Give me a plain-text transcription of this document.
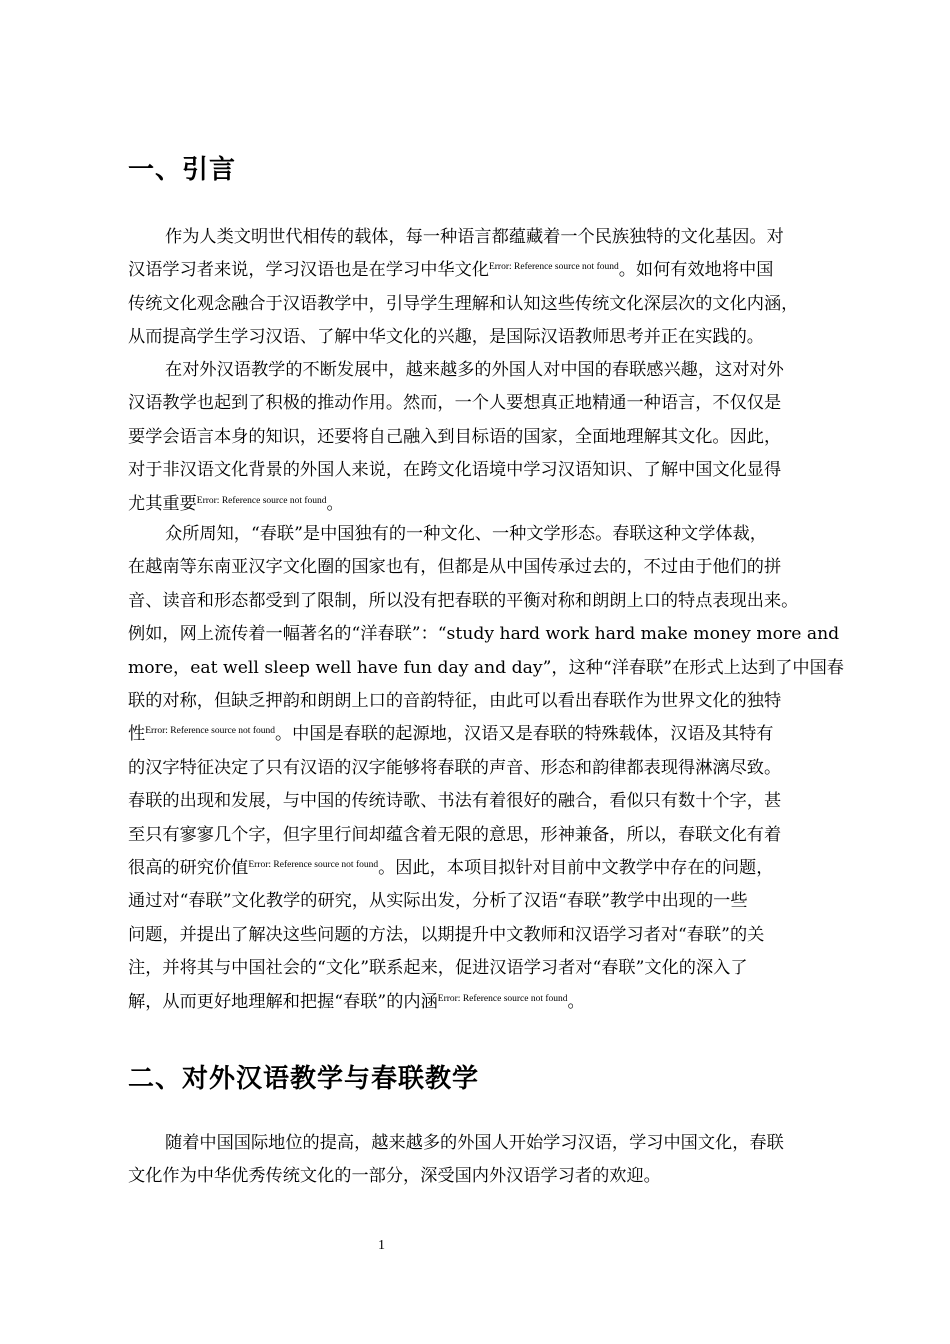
一、引言

作为人类文明世代相传的载体，每一种语言都蕴藏着一个民族独特的文化基因。对
汉语学习者来说，学习汉语也是在学习中华文化$^{Error: Reference source not found}$。如何有效地将中国
传统文化观念融合于汉语教学中，引导学生理解和认知这些传统文化深层次的文化内涵，
从而提高学生学习汉语、了解中华文化的兴趣，是国际汉语教师思考并正在实践的。

在对外汉语教学的不断发展中，越来越多的外国人对中国的春联感兴趣，这对对外
汉语教学也起到了积极的推动作用。然而，一个人要想真正地精通一种语言，不仅仅是
要学会语言本身的知识，还要将自己融入到目标语的国家，全面地理解其文化。因此，
对于非汉语文化背景的外国人来说，在跨文化语境中学习汉语知识、了解中国文化显得
尤其重要$^{Error: Reference source not found}$。

众所周知，“春联”是中国独有的一种文化、一种文学形态。春联这种文学体裁，
在越南等东南亚汉字文化圈的国家也有，但都是从中国传承过去的，不过由于他们的拼
音、读音和形态都受到了限制，所以没有把春联的平衡对称和朗朗上口的特点表现出来。
例如，网上流传着一幅著名的“洋春联”：“study hard work hard make money more and
more，eat well sleep well have fun day and day”，这种“洋春联”在形式上达到了中国春
联的对称，但缺乏押韵和朗朗上口的音韵特征，由此可以看出春联作为世界文化的独特
性$^{Error: Reference source not found}$。中国是春联的起源地，汉语又是春联的特殊载体，汉语及其特有
的汉字特征决定了只有汉语的汉字能够将春联的声音、形态和韵律都表现得淋漓尽致。
春联的出现和发展，与中国的传统诗歌、书法有着很好的融合，看似只有数十个字，甚
至只有寥寥几个字，但字里行间却蕴含着无限的意思，形神兼备，所以，春联文化有着
很高的研究价值$^{Error: Reference source not found}$。因此，本项目拟针对目前中文教学中存在的问题，
通过对“春联”文化教学的研究，从实际出发，分析了汉语“春联”教学中出现的一些
问题，并提出了解决这些问题的方法，以期提升中文教师和汉语学习者对“春联”的关
注，并将其与中国社会的“文化”联系起来，促进汉语学习者对“春联”文化的深入了
解，从而更好地理解和把握“春联”的内涵$^{Error: Reference source not found}$。

二、对外汉语教学与春联教学

随着中国国际地位的提高，越来越多的外国人开始学习汉语，学习中国文化，春联
文化作为中华优秀传统文化的一部分，深受国内外汉语学习者的欢迎。

1
